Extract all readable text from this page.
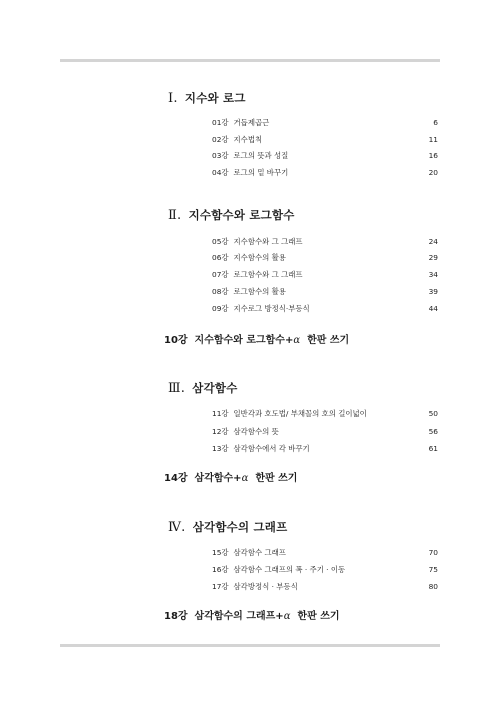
Ⅰ. 지수와 로그
01강 거듭제곱근	6
02강 지수법칙	11
03강 로그의 뜻과 성질	16
04강 로그의 밑 바꾸기	20
Ⅱ. 지수함수와 로그함수
05강 지수함수와 그 그래프	24
06강 지수함수의 활용	29
07강 로그함수와 그 그래프	34
08강 로그함수의 활용	39
09강 지수로그 방정식·부등식	44
10강 지수함수와 로그함수+α 한판 쓰기
Ⅲ. 삼각함수
11강 일반각과 호도법/ 부채꼴의 호의 길이넓이	50
12강 삼각함수의 뜻	56
13강 삼각함수에서 각 바꾸기	61
14강 삼각함수+α 한판 쓰기
Ⅳ. 삼각함수의 그래프
15강 삼각함수 그래프	70
16강 삼각함수 그래프의 폭 · 주기 · 이동	75
17강 삼각방정식 · 부등식	80
18강 삼각함수의 그래프+α 한판 쓰기
